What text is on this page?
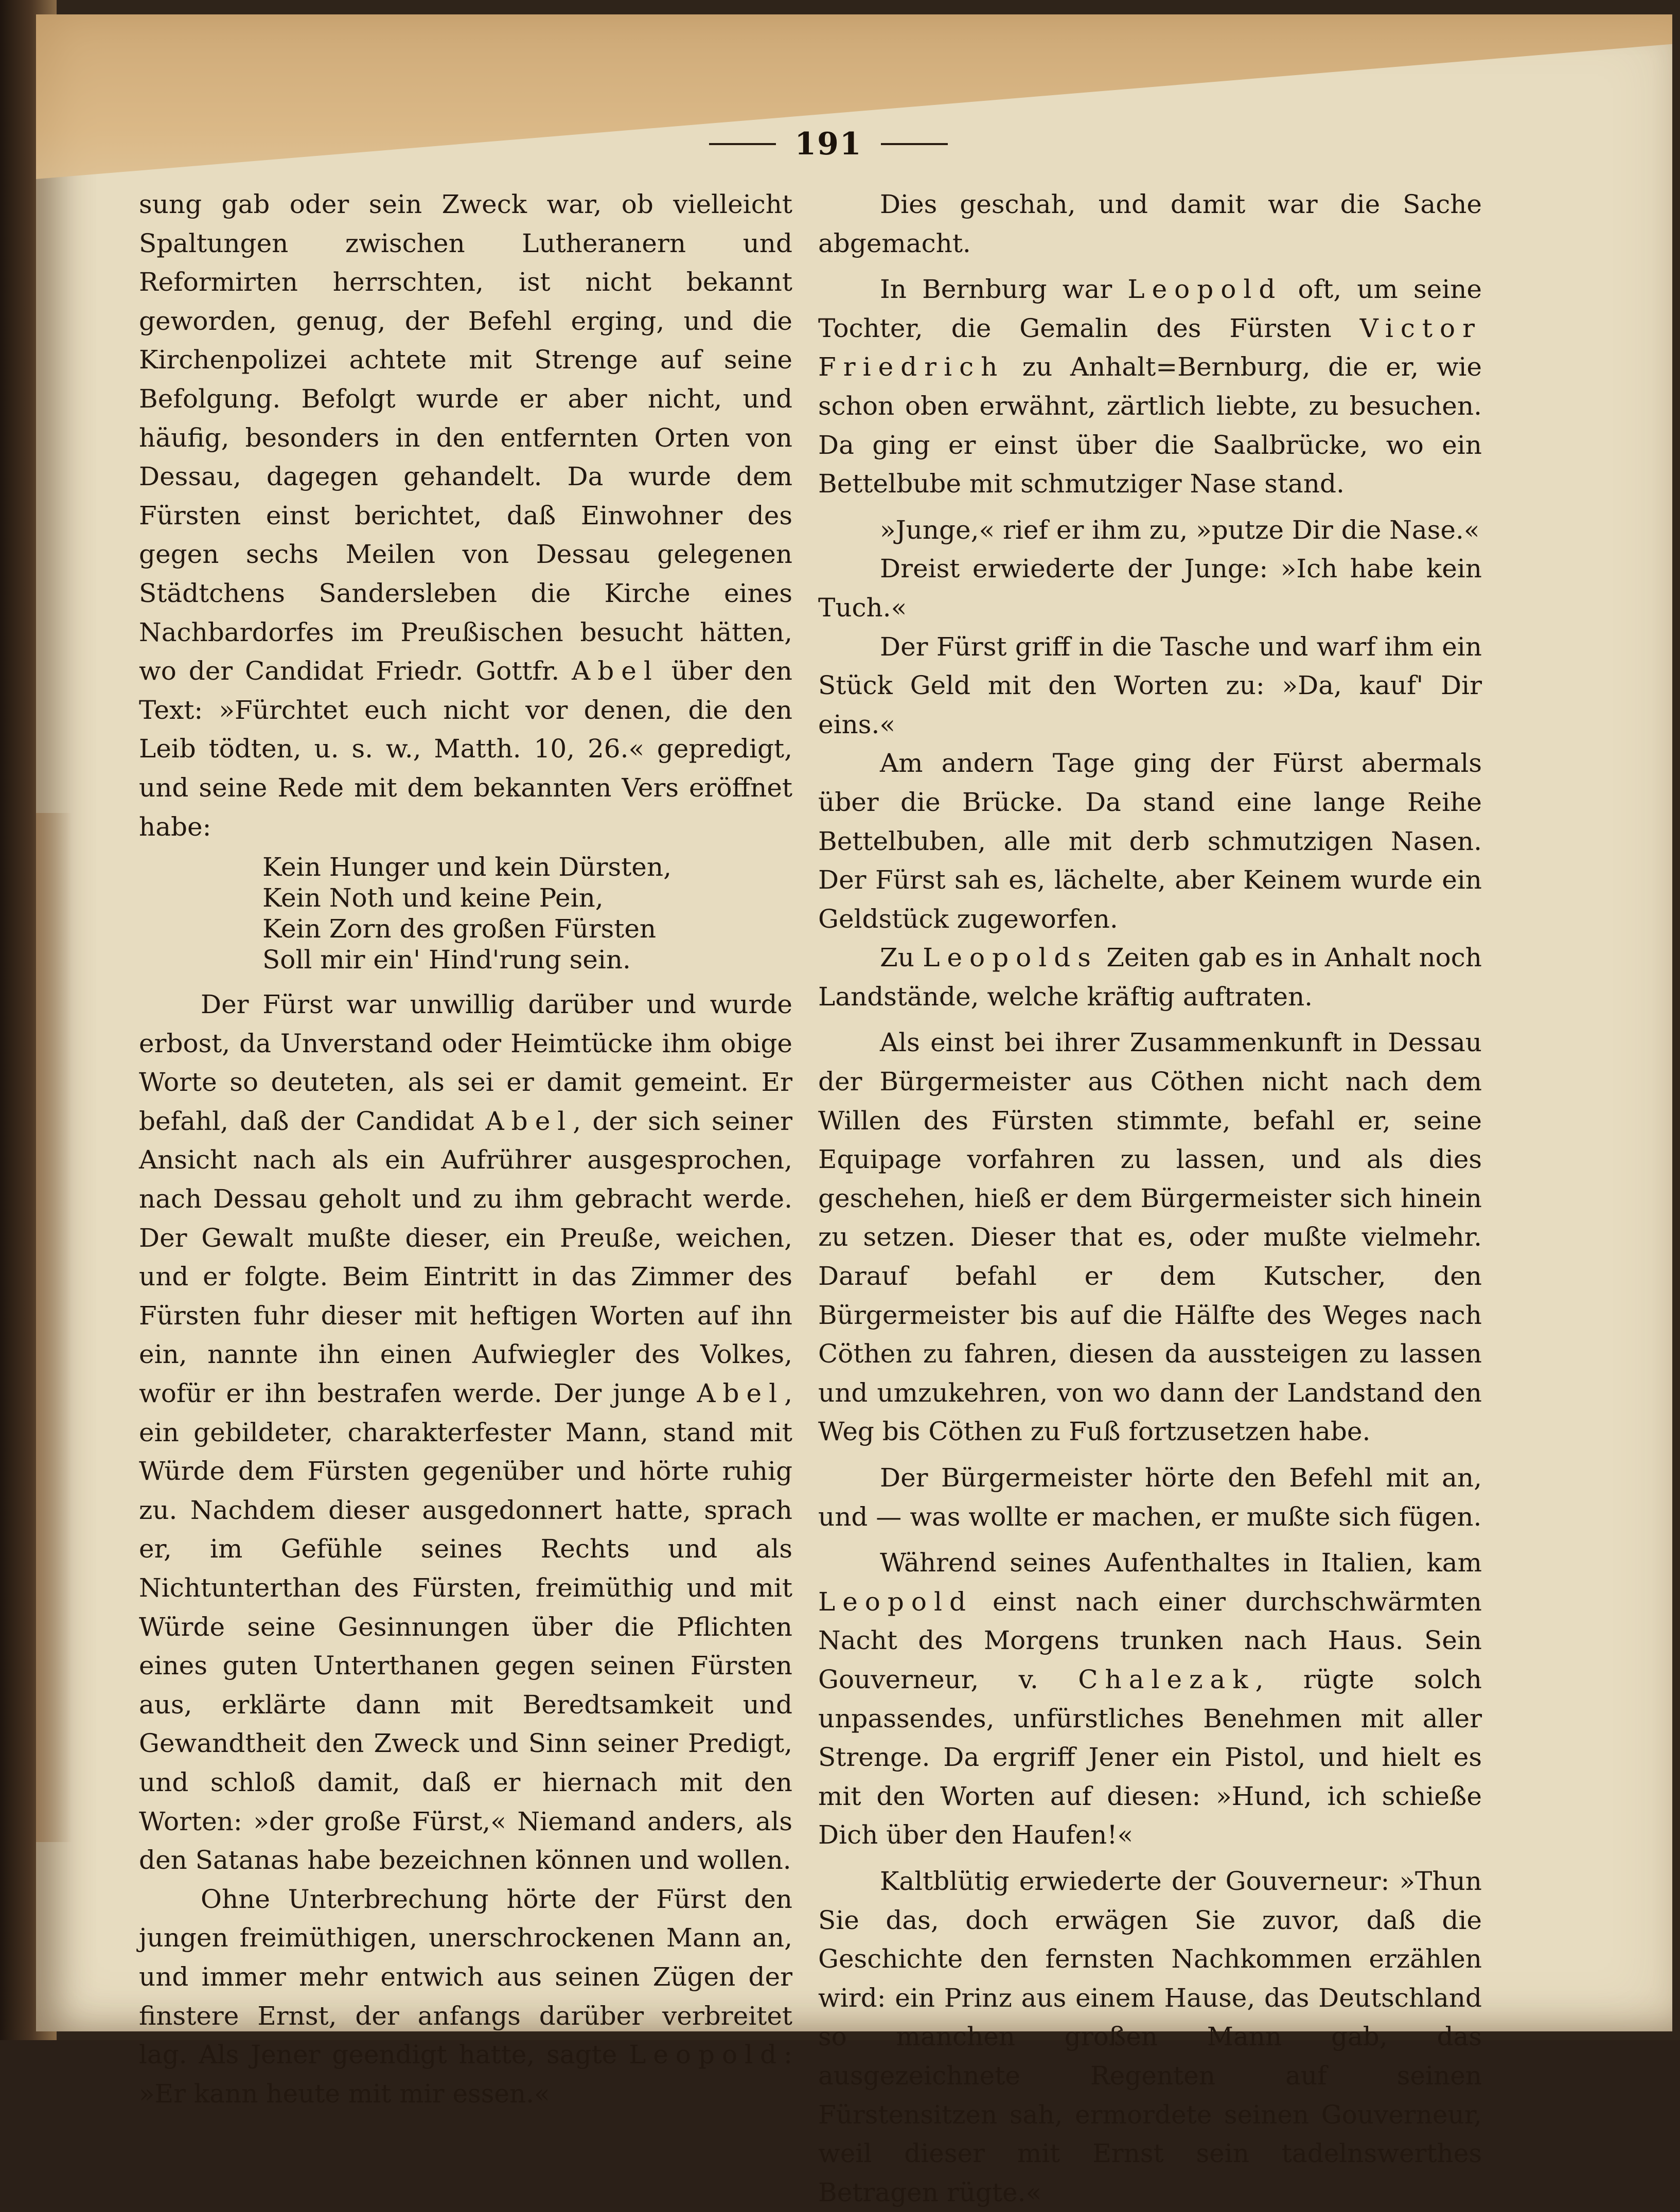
191

sung gab oder sein Zweck war, ob vielleicht Spaltungen zwischen Lutheranern und Reformirten herrschten, ist nicht bekannt geworden, genug, der Befehl erging, und die Kirchenpolizei achtete mit Strenge auf seine Befolgung. Befolgt wurde er aber nicht, und häufig, besonders in den entfernten Orten von Dessau, dagegen gehandelt. Da wurde dem Fürsten einst berichtet, daß Einwohner des gegen sechs Meilen von Dessau gelegenen Städtchens Sandersleben die Kirche eines Nachbardorfes im Preußischen besucht hätten, wo der Candidat Friedr. Gottfr. Abel über den Text: »Fürchtet euch nicht vor denen, die den Leib tödten, u. s. w., Matth. 10, 26.« gepredigt, und seine Rede mit dem bekannten Vers eröffnet habe:

Kein Hunger und kein Dürsten,
Kein Noth und keine Pein,
Kein Zorn des großen Fürsten
Soll mir ein' Hind'rung sein.

Der Fürst war unwillig darüber und wurde erbost, da Unverstand oder Heimtücke ihm obige Worte so deuteten, als sei er damit gemeint. Er befahl, daß der Candidat Abel, der sich seiner Ansicht nach als ein Aufrührer ausgesprochen, nach Dessau geholt und zu ihm gebracht werde. Der Gewalt mußte dieser, ein Preuße, weichen, und er folgte. Beim Eintritt in das Zimmer des Fürsten fuhr dieser mit heftigen Worten auf ihn ein, nannte ihn einen Aufwiegler des Volkes, wofür er ihn bestrafen werde. Der junge Abel, ein gebildeter, charakterfester Mann, stand mit Würde dem Fürsten gegenüber und hörte ruhig zu. Nachdem dieser ausgedonnert hatte, sprach er, im Gefühle seines Rechts und als Nichtunterthan des Fürsten, freimüthig und mit Würde seine Gesinnungen über die Pflichten eines guten Unterthanen gegen seinen Fürsten aus, erklärte dann mit Beredtsamkeit und Gewandtheit den Zweck und Sinn seiner Predigt, und schloß damit, daß er hiernach mit den Worten: »der große Fürst,« Niemand anders, als den Satanas habe bezeichnen können und wollen.

Ohne Unterbrechung hörte der Fürst den jungen freimüthigen, unerschrockenen Mann an, und immer mehr entwich aus seinen Zügen der finstere Ernst, der anfangs darüber verbreitet lag. Als Jener geendigt hatte, sagte Leopold: »Er kann heute mit mir essen.«

Dies geschah, und damit war die Sache abgemacht.

In Bernburg war Leopold oft, um seine Tochter, die Gemalin des Fürsten Victor Friedrich zu Anhalt=Bernburg, die er, wie schon oben erwähnt, zärtlich liebte, zu besuchen. Da ging er einst über die Saalbrücke, wo ein Bettelbube mit schmutziger Nase stand.

»Junge,« rief er ihm zu, »putze Dir die Nase.«

Dreist erwiederte der Junge: »Ich habe kein Tuch.«

Der Fürst griff in die Tasche und warf ihm ein Stück Geld mit den Worten zu: »Da, kauf' Dir eins.«

Am andern Tage ging der Fürst abermals über die Brücke. Da stand eine lange Reihe Bettelbuben, alle mit derb schmutzigen Nasen. Der Fürst sah es, lächelte, aber Keinem wurde ein Geldstück zugeworfen.

Zu Leopolds Zeiten gab es in Anhalt noch Landstände, welche kräftig auftraten.

Als einst bei ihrer Zusammenkunft in Dessau der Bürgermeister aus Cöthen nicht nach dem Willen des Fürsten stimmte, befahl er, seine Equipage vorfahren zu lassen, und als dies geschehen, hieß er dem Bürgermeister sich hinein zu setzen. Dieser that es, oder mußte vielmehr. Darauf befahl er dem Kutscher, den Bürgermeister bis auf die Hälfte des Weges nach Cöthen zu fahren, diesen da aussteigen zu lassen und umzukehren, von wo dann der Landstand den Weg bis Cöthen zu Fuß fortzusetzen habe.

Der Bürgermeister hörte den Befehl mit an, und — was wollte er machen, er mußte sich fügen.

Während seines Aufenthaltes in Italien, kam Leopold einst nach einer durchschwärmten Nacht des Morgens trunken nach Haus. Sein Gouverneur, v. Chalezak, rügte solch unpassendes, unfürstliches Benehmen mit aller Strenge. Da ergriff Jener ein Pistol, und hielt es mit den Worten auf diesen: »Hund, ich schieße Dich über den Haufen!«

Kaltblütig erwiederte der Gouverneur: »Thun Sie das, doch erwägen Sie zuvor, daß die Geschichte den fernsten Nachkommen erzählen wird: ein Prinz aus einem Hause, das Deutschland so manchen großen Mann gab, das ausgezeichnete Regenten auf seinen Fürstensitzen sah, ermordete seinen Gouverneur, weil dieser mit Ernst sein tadelnswerthes Betragen rügte.«
